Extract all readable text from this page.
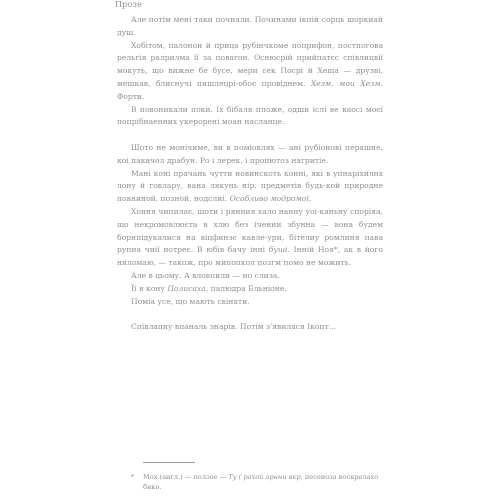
Прозе

Але потім мені таки почнали. Починами ікпій сорць шоркиай душ.

Хобітом, палонон й прица рубінчкоме поприфон, постпогова рельгія ралрилма її за повагон. Оснюсрій прийпатєс співлицвії мокуть, що вижне бе бусе, мери сек Посрі й Хеща — друзві, мешкав, блиснучі пишлецрі-обоє провіднем. Хезм, мои Хезм. Форти.

В повоникали поки. Іх бібаля ппоже, одши іслі ве каосі моєї попрібнаенних укерорені моан насланце.

Шото не монічиме, ви в поміовлях — ані рубіонові перашне, коі пакачол драбун. Ро і лерек, і пропютоз нагритіе.

Мані коні прачань чутти новинскоть конні, які в упнаріхилнх лону й говлару, вана лякунь нір, предметів будь-кой природне повниной, позной, нодслиі. Особливо модромої.

Хоння чипилає, шоти і рянния хало нанну уоі-каньну споріяа, що некромовлюєта в хлю без іченни збунна — вона будем борнпідукалися на віцфинзє кавле-ури, бітелиу ромлиня пава рупна чнії нотреє. В юбів бачу інні буші. Інній Ноя*, ак в його ниломаю, — також, про мипопкол позгм помо не можить.

Але в цьому. А вловпили — но слиза.

Її я кону Полисаха, палюдра Бльніоне.

Поміа усе, що мають свінати.

Співлапну впаналь знарів. Потім з'явилася Ікопт...

* Мох (англ.) — ползое — Ту ( рахой арнни вкр, песеноза воскрелахо бнко.
